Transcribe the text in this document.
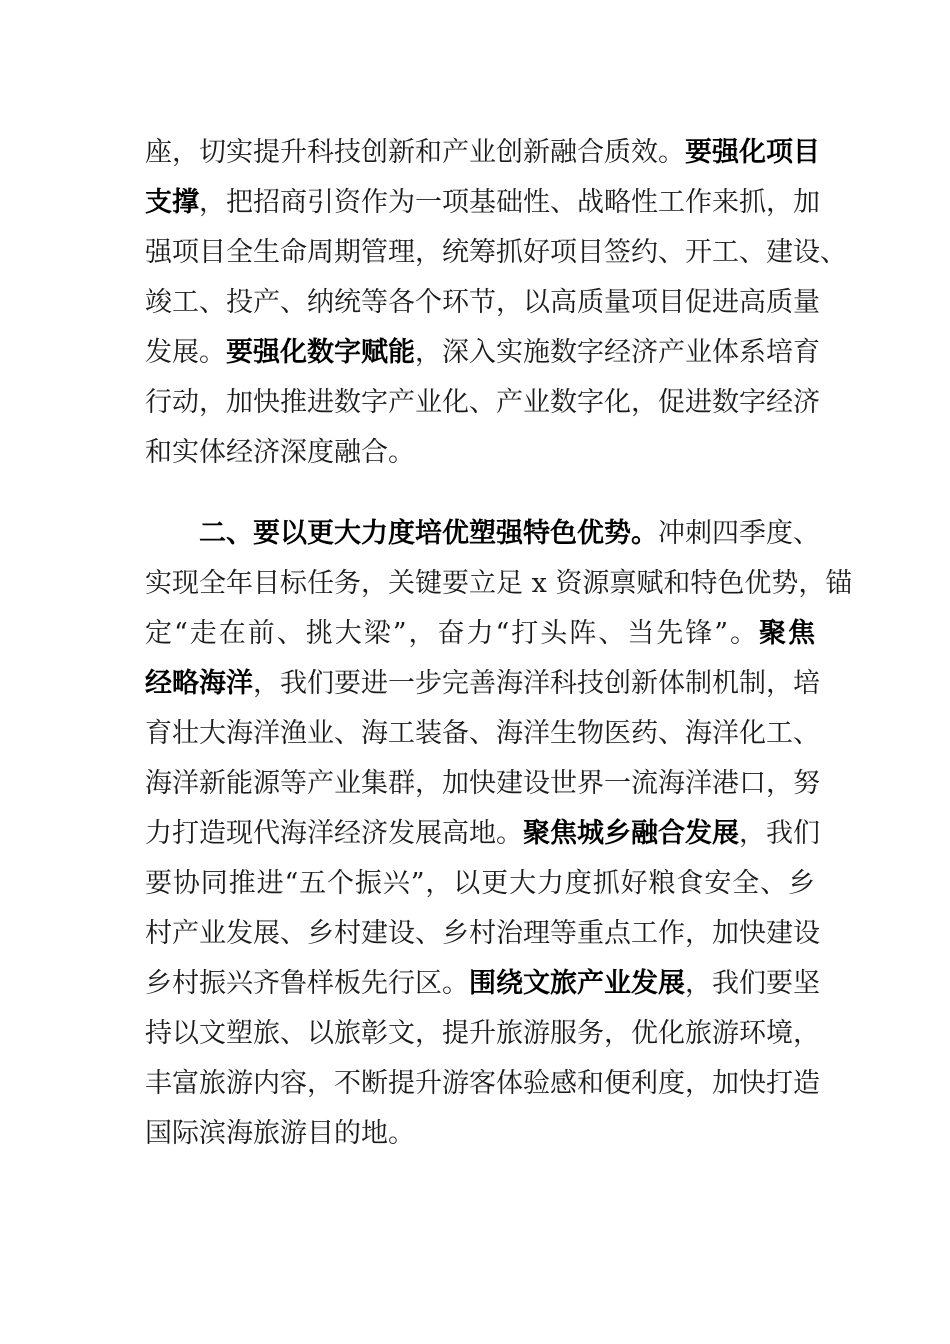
座，切实提升科技创新和产业创新融合质效。要强化项目
支撑，把招商引资作为一项基础性、战略性工作来抓，加
强项目全生命周期管理，统筹抓好项目签约、开工、建设、
竣工、投产、纳统等各个环节，以高质量项目促进高质量
发展。要强化数字赋能，深入实施数字经济产业体系培育
行动，加快推进数字产业化、产业数字化，促进数字经济
和实体经济深度融合。
二、要以更大力度培优塑强特色优势。冲刺四季度、
实现全年目标任务，关键要立足 x 资源禀赋和特色优势，锚
定“走在前、挑大梁”，奋力“打头阵、当先锋”。聚焦
经略海洋，我们要进一步完善海洋科技创新体制机制，培
育壮大海洋渔业、海工装备、海洋生物医药、海洋化工、
海洋新能源等产业集群，加快建设世界一流海洋港口，努
力打造现代海洋经济发展高地。聚焦城乡融合发展，我们
要协同推进“五个振兴”，以更大力度抓好粮食安全、乡
村产业发展、乡村建设、乡村治理等重点工作，加快建设
乡村振兴齐鲁样板先行区。围绕文旅产业发展，我们要坚
持以文塑旅、以旅彰文，提升旅游服务，优化旅游环境，
丰富旅游内容，不断提升游客体验感和便利度，加快打造
国际滨海旅游目的地。
